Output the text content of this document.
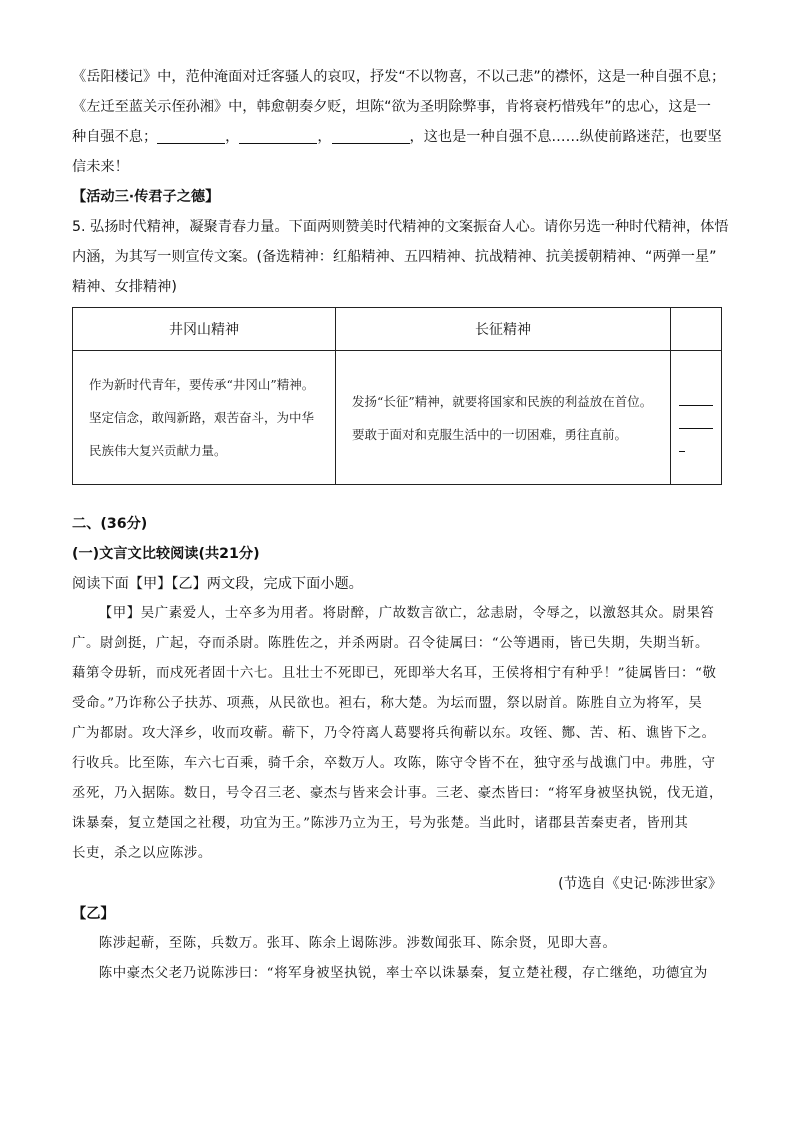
《岳阳楼记》中，范仲淹面对迁客骚人的哀叹，抒发“不以物喜，不以己悲”的襟怀，这是一种自强不息；
《左迁至蓝关示侄孙湘》中，韩愈朝奏夕贬，坦陈“欲为圣明除弊事，肯将衰朽惜残年”的忠心，这是一
种自强不息；	，	，	，这也是一种自强不息……纵使前路迷茫，也要坚
信未来！
【活动三·传君子之德】
5. 弘扬时代精神，凝聚青春力量。下面两则赞美时代精神的文案振奋人心。请你另选一种时代精神，体悟
内涵，为其写一则宣传文案。(备选精神：红船精神、五四精神、抗战精神、抗美援朝精神、“两弹一星”
精神、女排精神)
井冈山精神	长征精神	
作为新时代青年，要传承“井冈山”精神。坚定信念，敢闯新路，艰苦奋斗，为中华民族伟大复兴贡献力量。	发扬“长征”精神，就要将国家和民族的利益放在首位。要敢于面对和克服生活中的一切困难，勇往直前。	
二、(36分)
(一)文言文比较阅读(共21分)
阅读下面【甲】【乙】两文段，完成下面小题。
【甲】吴广素爱人，士卒多为用者。将尉醉，广故数言欲亡，忿恚尉，令辱之，以激怒其众。尉果笞
广。尉剑挺，广起，夺而杀尉。陈胜佐之，并杀两尉。召令徒属曰：“公等遇雨，皆已失期，失期当斩。
藉第令毋斩，而戍死者固十六七。且壮士不死即已，死即举大名耳，王侯将相宁有种乎！”徒属皆曰：“敬
受命。”乃诈称公子扶苏、项燕，从民欲也。袒右，称大楚。为坛而盟，祭以尉首。陈胜自立为将军，吴
广为都尉。攻大泽乡，收而攻蕲。蕲下，乃令符离人葛婴将兵徇蕲以东。攻铚、酂、苦、柘、谯皆下之。
行收兵。比至陈，车六七百乘，骑千余，卒数万人。攻陈，陈守令皆不在，独守丞与战谯门中。弗胜，守
丞死，乃入据陈。数日，号令召三老、豪杰与皆来会计事。三老、豪杰皆曰：“将军身被坚执锐，伐无道，
诛暴秦，复立楚国之社稷，功宜为王。”陈涉乃立为王，号为张楚。当此时，诸郡县苦秦吏者，皆刑其
长吏，杀之以应陈涉。
(节选自《史记·陈涉世家》
【乙】
陈涉起蕲，至陈，兵数万。张耳、陈余上谒陈涉。涉数闻张耳、陈余贤，见即大喜。
陈中豪杰父老乃说陈涉曰：“将军身被坚执锐，率士卒以诛暴秦，复立楚社稷，存亡继绝，功德宜为
